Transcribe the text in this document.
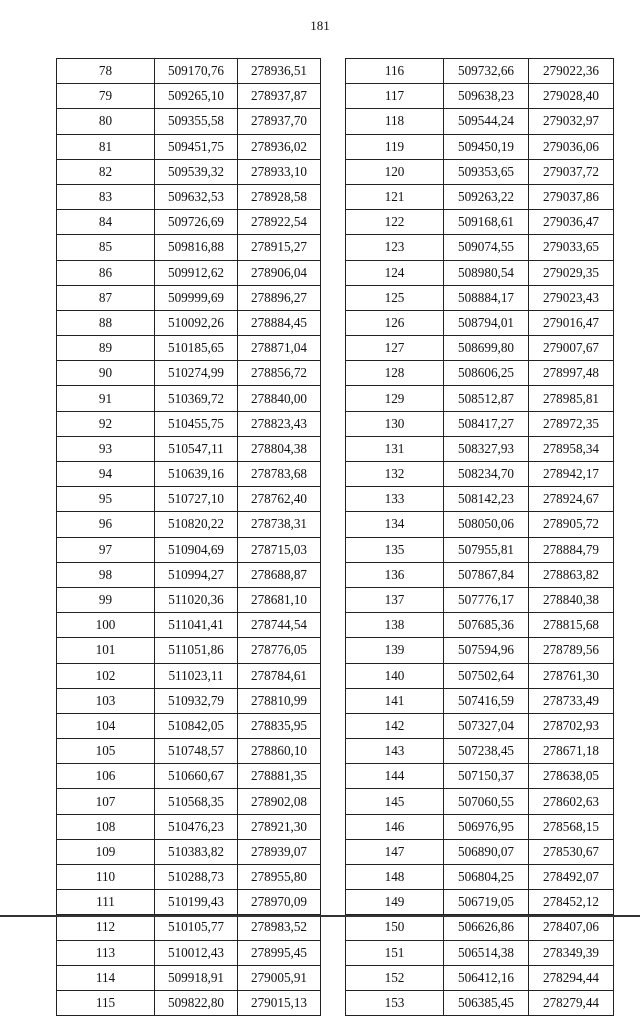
181
78	509170,76	278936,51
79	509265,10	278937,87
80	509355,58	278937,70
81	509451,75	278936,02
82	509539,32	278933,10
83	509632,53	278928,58
84	509726,69	278922,54
85	509816,88	278915,27
86	509912,62	278906,04
87	509999,69	278896,27
88	510092,26	278884,45
89	510185,65	278871,04
90	510274,99	278856,72
91	510369,72	278840,00
92	510455,75	278823,43
93	510547,11	278804,38
94	510639,16	278783,68
95	510727,10	278762,40
96	510820,22	278738,31
97	510904,69	278715,03
98	510994,27	278688,87
99	511020,36	278681,10
100	511041,41	278744,54
101	511051,86	278776,05
102	511023,11	278784,61
103	510932,79	278810,99
104	510842,05	278835,95
105	510748,57	278860,10
106	510660,67	278881,35
107	510568,35	278902,08
108	510476,23	278921,30
109	510383,82	278939,07
110	510288,73	278955,80
111	510199,43	278970,09
112	510105,77	278983,52
113	510012,43	278995,45
114	509918,91	279005,91
115	509822,80	279015,13
116	509732,66	279022,36
117	509638,23	279028,40
118	509544,24	279032,97
119	509450,19	279036,06
120	509353,65	279037,72
121	509263,22	279037,86
122	509168,61	279036,47
123	509074,55	279033,65
124	508980,54	279029,35
125	508884,17	279023,43
126	508794,01	279016,47
127	508699,80	279007,67
128	508606,25	278997,48
129	508512,87	278985,81
130	508417,27	278972,35
131	508327,93	278958,34
132	508234,70	278942,17
133	508142,23	278924,67
134	508050,06	278905,72
135	507955,81	278884,79
136	507867,84	278863,82
137	507776,17	278840,38
138	507685,36	278815,68
139	507594,96	278789,56
140	507502,64	278761,30
141	507416,59	278733,49
142	507327,04	278702,93
143	507238,45	278671,18
144	507150,37	278638,05
145	507060,55	278602,63
146	506976,95	278568,15
147	506890,07	278530,67
148	506804,25	278492,07
149	506719,05	278452,12
150	506626,86	278407,06
151	506514,38	278349,39
152	506412,16	278294,44
153	506385,45	278279,44
